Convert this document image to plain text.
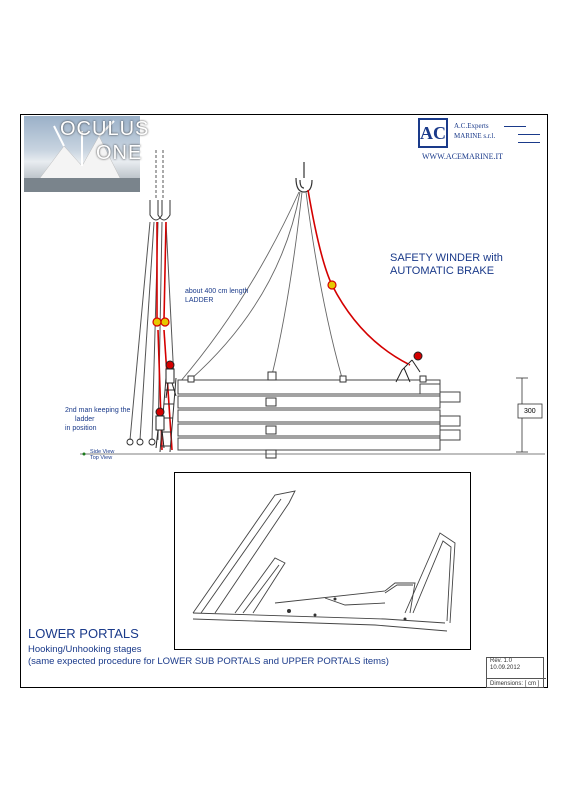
OCULUS
ONE
AC A.C.Experts
MARINE s.r.l.
WWW.ACEMARINE.IT
SAFETY WINDER with
AUTOMATIC BRAKE
about 400 cm length
LADDER
2nd man keeping the
ladder
in position
Side View
Top View
300
LOWER PORTALS
Hooking/Unhooking stages
(same expected procedure for LOWER SUB PORTALS and UPPER PORTALS items)	Rev. 1.0
10.09.2012
Dimensions: [ cm ]
